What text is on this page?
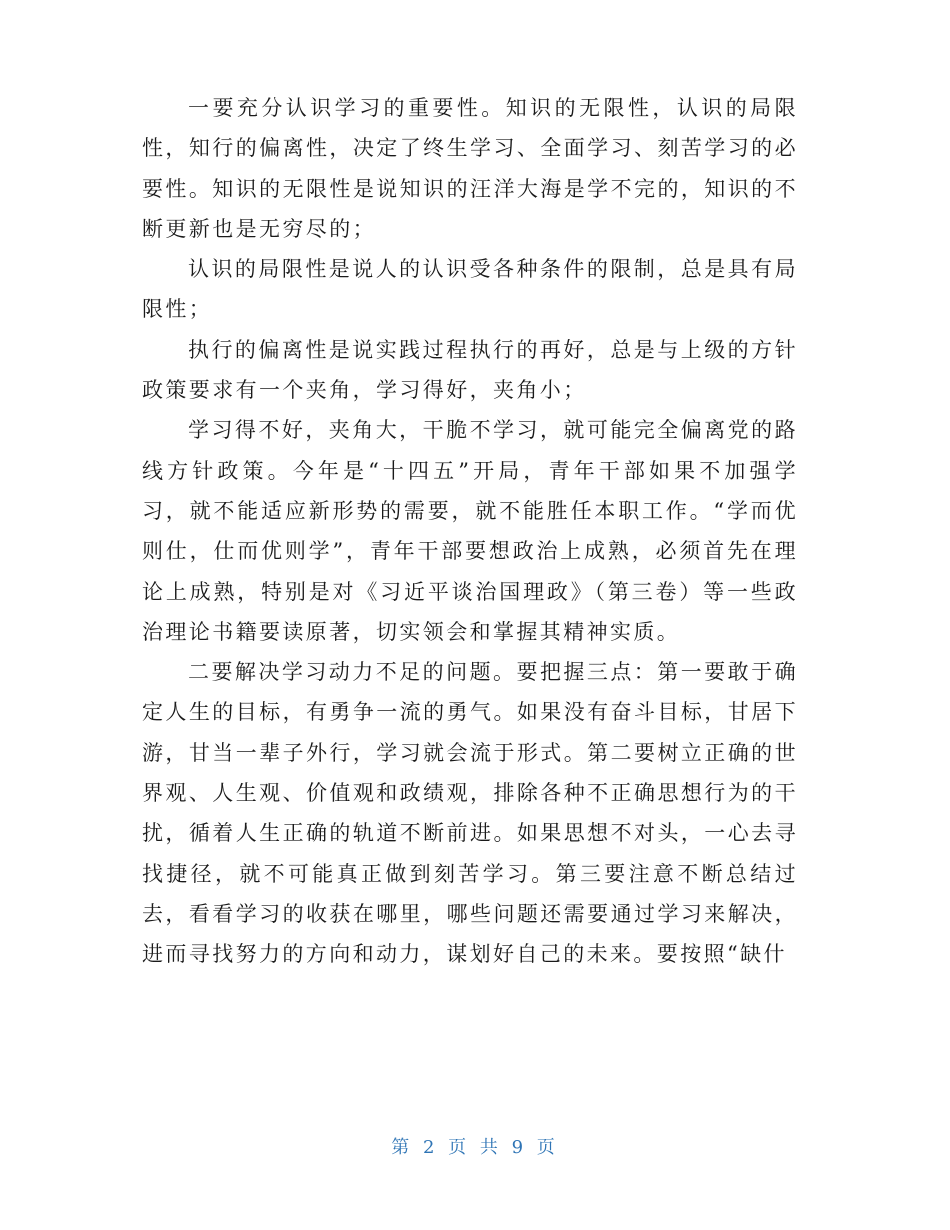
一要充分认识学习的重要性。知识的无限性，认识的局限性，知行的偏离性，决定了终生学习、全面学习、刻苦学习的必要性。知识的无限性是说知识的汪洋大海是学不完的，知识的不断更新也是无穷尽的；

认识的局限性是说人的认识受各种条件的限制，总是具有局限性；

执行的偏离性是说实践过程执行的再好，总是与上级的方针政策要求有一个夹角，学习得好，夹角小；

学习得不好，夹角大，干脆不学习，就可能完全偏离党的路线方针政策。今年是“十四五”开局，青年干部如果不加强学习，就不能适应新形势的需要，就不能胜任本职工作。“学而优则仕，仕而优则学”，青年干部要想政治上成熟，必须首先在理论上成熟，特别是对《习近平谈治国理政》（第三卷）等一些政治理论书籍要读原著，切实领会和掌握其精神实质。

二要解决学习动力不足的问题。要把握三点：第一要敢于确定人生的目标，有勇争一流的勇气。如果没有奋斗目标，甘居下游，甘当一辈子外行，学习就会流于形式。第二要树立正确的世界观、人生观、价值观和政绩观，排除各种不正确思想行为的干扰，循着人生正确的轨道不断前进。如果思想不对头，一心去寻找捷径，就不可能真正做到刻苦学习。第三要注意不断总结过去，看看学习的收获在哪里，哪些问题还需要通过学习来解决，进而寻找努力的方向和动力，谋划好自己的未来。要按照“缺什

第 2 页 共 9 页
